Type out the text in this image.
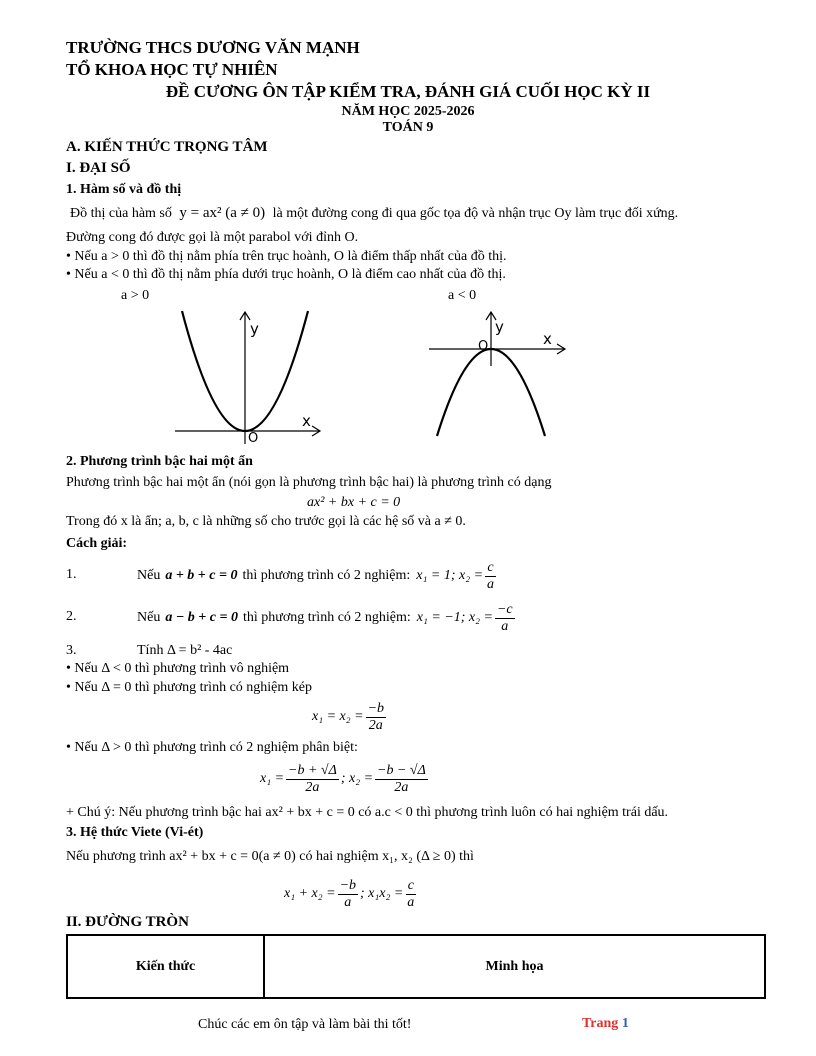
TRƯỜNG THCS DƯƠNG VĂN MẠNH
TỔ KHOA HỌC TỰ NHIÊN
ĐỀ CƯƠNG ÔN TẬP KIỂM TRA, ĐÁNH GIÁ CUỐI HỌC KỲ II
NĂM HỌC 2025-2026
TOÁN 9
A. KIẾN THỨC TRỌNG TÂM
I. ĐẠI SỐ
1. Hàm số và đồ thị
Đồ thị của hàm số y = ax² (a ≠ 0) là một đường cong đi qua gốc tọa độ và nhận trục Oy làm trục đối xứng.
Đường cong đó được gọi là một parabol với đỉnh O.
• Nếu a > 0 thì đồ thị nằm phía trên trục hoành, O là điểm thấp nhất của đồ thị.
• Nếu a < 0 thì đồ thị nằm phía dưới trục hoành, O là điểm cao nhất của đồ thị.
a > 0	a < 0
y
x
O
y
x
O
2. Phương trình bậc hai một ẩn
Phương trình bậc hai một ẩn (nói gọn là phương trình bậc hai) là phương trình có dạng
ax² + bx + c = 0
Trong đó x là ẩn; a, b, c là những số cho trước gọi là các hệ số và a ≠ 0.
Cách giải:
1.	Nếu a + b + c = 0 thì phương trình có 2 nghiệm: x₁ = 1; $x_2 = \frac{c}{a}$
2.	Nếu a − b + c = 0 thì phương trình có 2 nghiệm: x₁ = −1; $x_2 = \frac{-c}{a}$
3.	Tính Δ = b² - 4ac
• Nếu Δ < 0 thì phương trình vô nghiệm
• Nếu Δ = 0 thì phương trình có nghiệm kép
$x_1 = x_2 = \frac{-b}{2a}$
• Nếu Δ > 0 thì phương trình có 2 nghiệm phân biệt:
$x_1 = \frac{-b + √\Delta}{2a}$ ; $x_2 = \frac{-b - √\Delta}{2a}$
+ Chú ý: Nếu phương trình bậc hai ax² + bx + c = 0 có a.c < 0 thì phương trình luôn có hai nghiệm trái dấu.
3. Hệ thức Viete (Vi-ét)
Nếu phương trình ax² + bx + c = 0(a ≠ 0) có hai nghiệm x₁, x₂ (Δ ≥ 0) thì
$x_1 + x_2 = \frac{-b}{a}$ ; $x_1x_2 = \frac{c}{a}$
II. ĐƯỜNG TRÒN
Kiến thức	Minh họa
Chúc các em ôn tập và làm bài thi tốt!	Trang 1
